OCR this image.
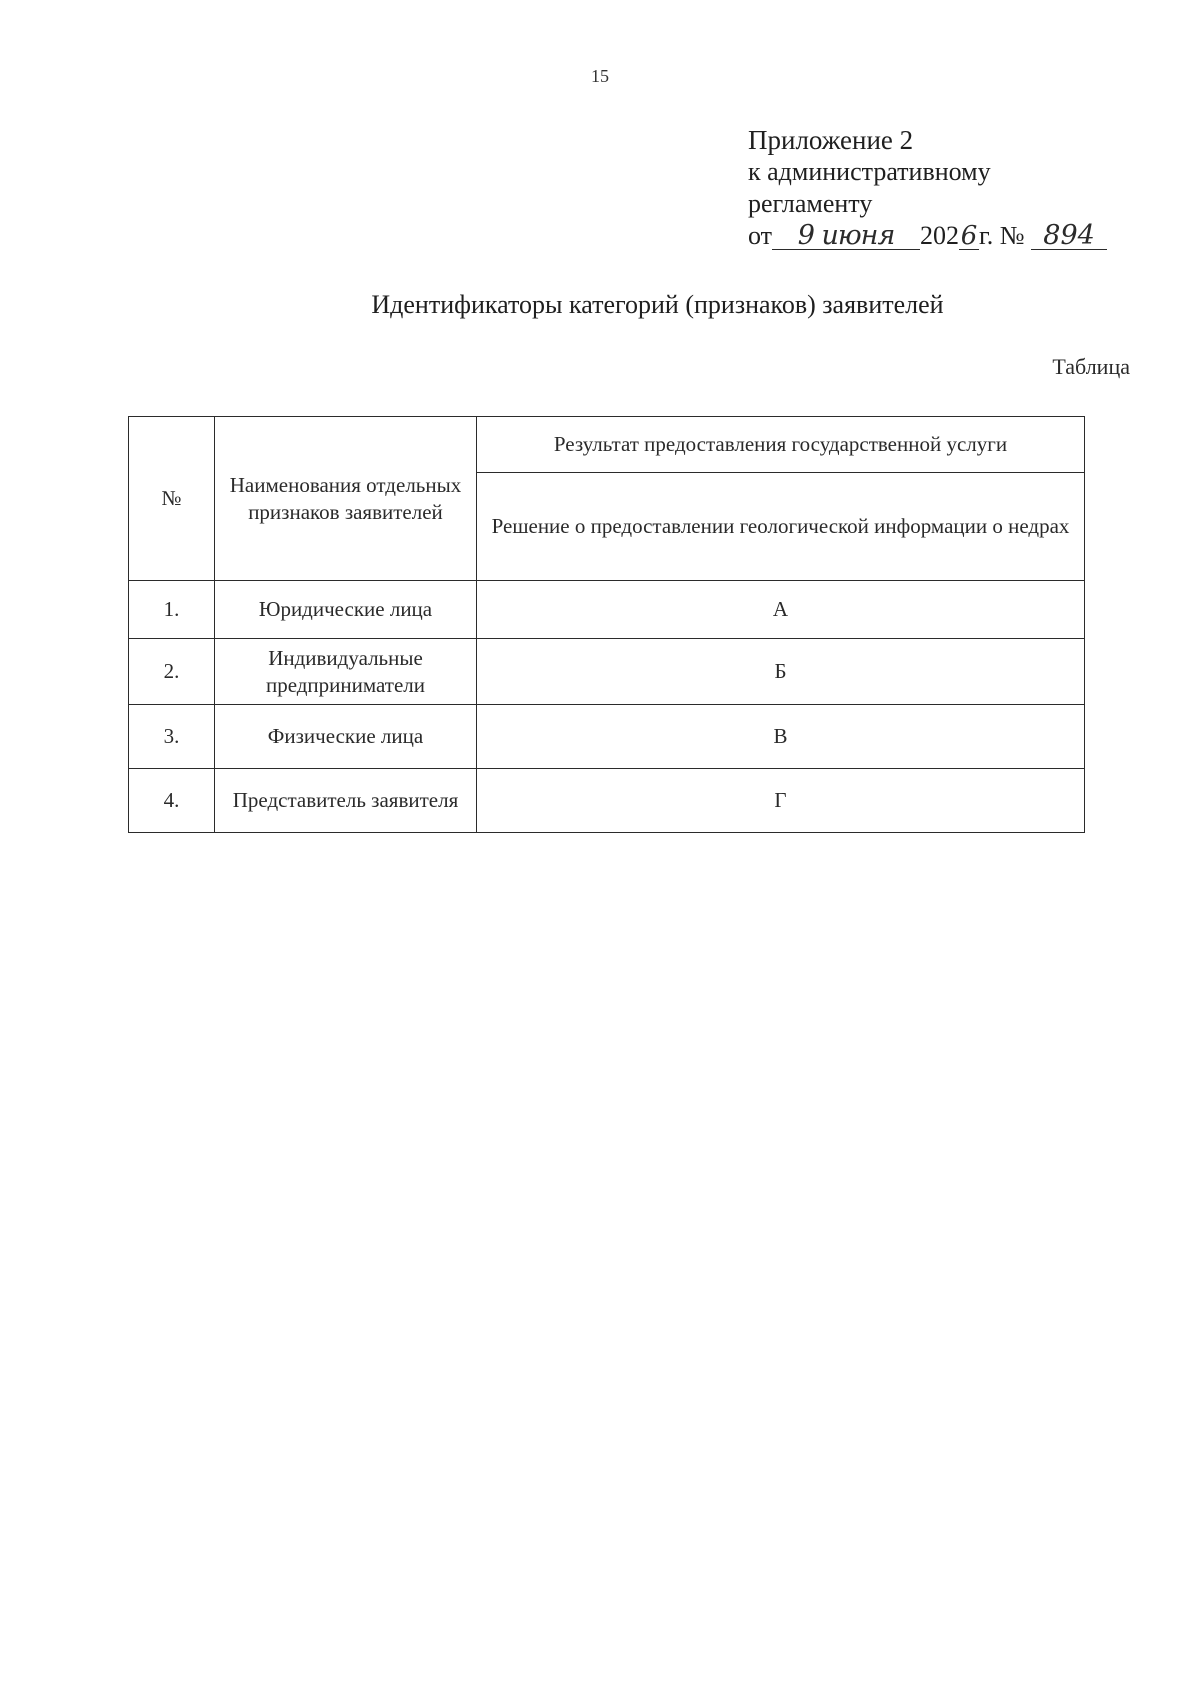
15
Приложение 2
к административному
регламенту
от 9 июня 2026г. № 894
Идентификаторы категорий (признаков) заявителей
Таблица
№	Наименования отдельных признаков заявителей	Результат предоставления государственной услуги
		Решение о предоставлении геологической информации о недрах
1.	Юридические лица	А
2.	Индивидуальные предприниматели	Б
3.	Физические лица	В
4.	Представитель заявителя	Г
